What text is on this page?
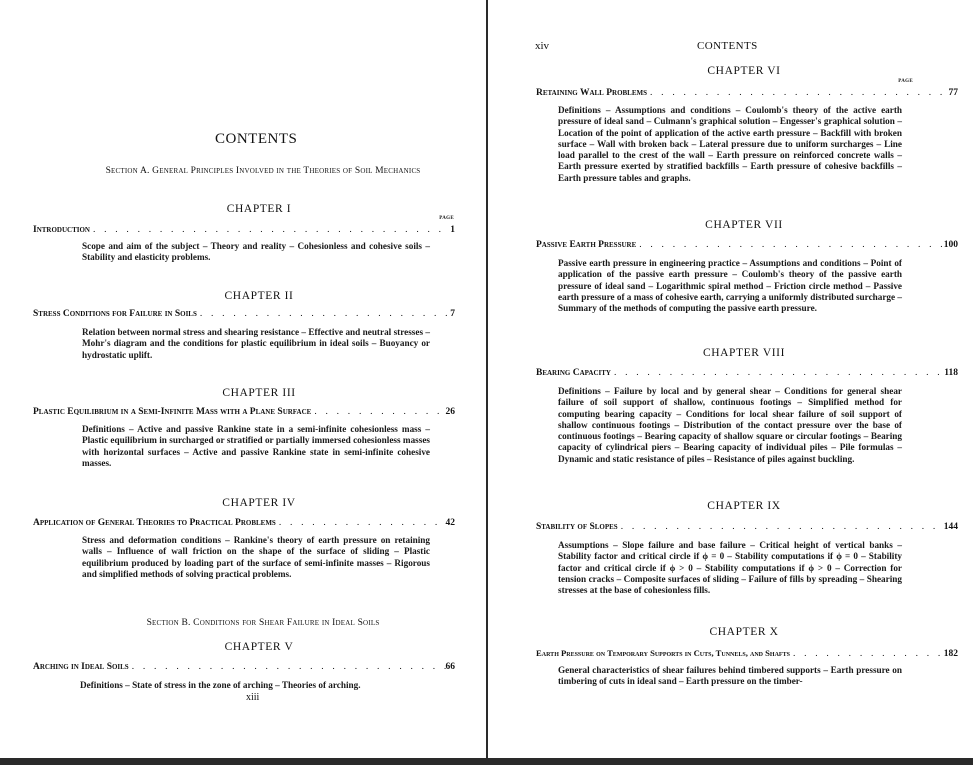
CONTENTS
Section A. General Principles Involved in the Theories of Soil Mechanics
CHAPTER I
PAGE
Introduction . . .	1
Scope and aim of the subject – Theory and reality – Cohesionless and cohesive soils – Stability and elasticity problems.
CHAPTER II
Stress Conditions for Failure in Soils . . .	7
Relation between normal stress and shearing resistance – Effective and neutral stresses – Mohr's diagram and the conditions for plastic equilibrium in ideal soils – Buoyancy or hydrostatic uplift.
CHAPTER III
Plastic Equilibrium in a Semi-Infinite Mass with a Plane Surface . . .	26
Definitions – Active and passive Rankine state in a semi-infinite cohesionless mass – Plastic equilibrium in surcharged or stratified or partially immersed cohesionless masses with horizontal surfaces – Active and passive Rankine state in semi-infinite cohesive masses.
CHAPTER IV
Application of General Theories to Practical Problems . . .	42
Stress and deformation conditions – Rankine's theory of earth pressure on retaining walls – Influence of wall friction on the shape of the surface of sliding – Plastic equilibrium produced by loading part of the surface of semi-infinite masses – Rigorous and simplified methods of solving practical problems.
Section B. Conditions for Shear Failure in Ideal Soils
CHAPTER V
Arching in Ideal Soils . . .	66
Definitions – State of stress in the zone of arching – Theories of arching.
xiii
xiv	CONTENTS
CHAPTER VI
PAGE
Retaining Wall Problems . . .	77
Definitions – Assumptions and conditions – Coulomb's theory of the active earth pressure of ideal sand – Culmann's graphical solution – Engesser's graphical solution – Location of the point of application of the active earth pressure – Backfill with broken surface – Wall with broken back – Lateral pressure due to uniform surcharges – Line load parallel to the crest of the wall – Earth pressure on reinforced concrete walls – Earth pressure exerted by stratified backfills – Earth pressure of cohesive backfills – Earth pressure tables and graphs.
CHAPTER VII
Passive Earth Pressure . . .	100
Passive earth pressure in engineering practice – Assumptions and conditions – Point of application of the passive earth pressure – Coulomb's theory of the passive earth pressure of ideal sand – Logarithmic spiral method – Friction circle method – Passive earth pressure of a mass of cohesive earth, carrying a uniformly distributed surcharge – Summary of the methods of computing the passive earth pressure.
CHAPTER VIII
Bearing Capacity . . .	118
Definitions – Failure by local and by general shear – Conditions for general shear failure of soil support of shallow, continuous footings – Simplified method for computing bearing capacity – Conditions for local shear failure of soil support of shallow continuous footings – Distribution of the contact pressure over the base of continuous footings – Bearing capacity of shallow square or circular footings – Bearing capacity of cylindrical piers – Bearing capacity of individual piles – Pile formulas – Dynamic and static resistance of piles – Resistance of piles against buckling.
CHAPTER IX
Stability of Slopes . . .	144
Assumptions – Slope failure and base failure – Critical height of vertical banks – Stability factor and critical circle if ϕ = 0 – Stability computations if ϕ = 0 – Stability factor and critical circle if ϕ > 0 – Stability computations if ϕ > 0 – Correction for tension cracks – Composite surfaces of sliding – Failure of fills by spreading – Shearing stresses at the base of cohesionless fills.
CHAPTER X
Earth Pressure on Temporary Supports in Cuts, Tunnels, and Shafts . . .	182
General characteristics of shear failures behind timbered supports – Earth pressure on timbering of cuts in ideal sand – Earth pressure on the timber-
